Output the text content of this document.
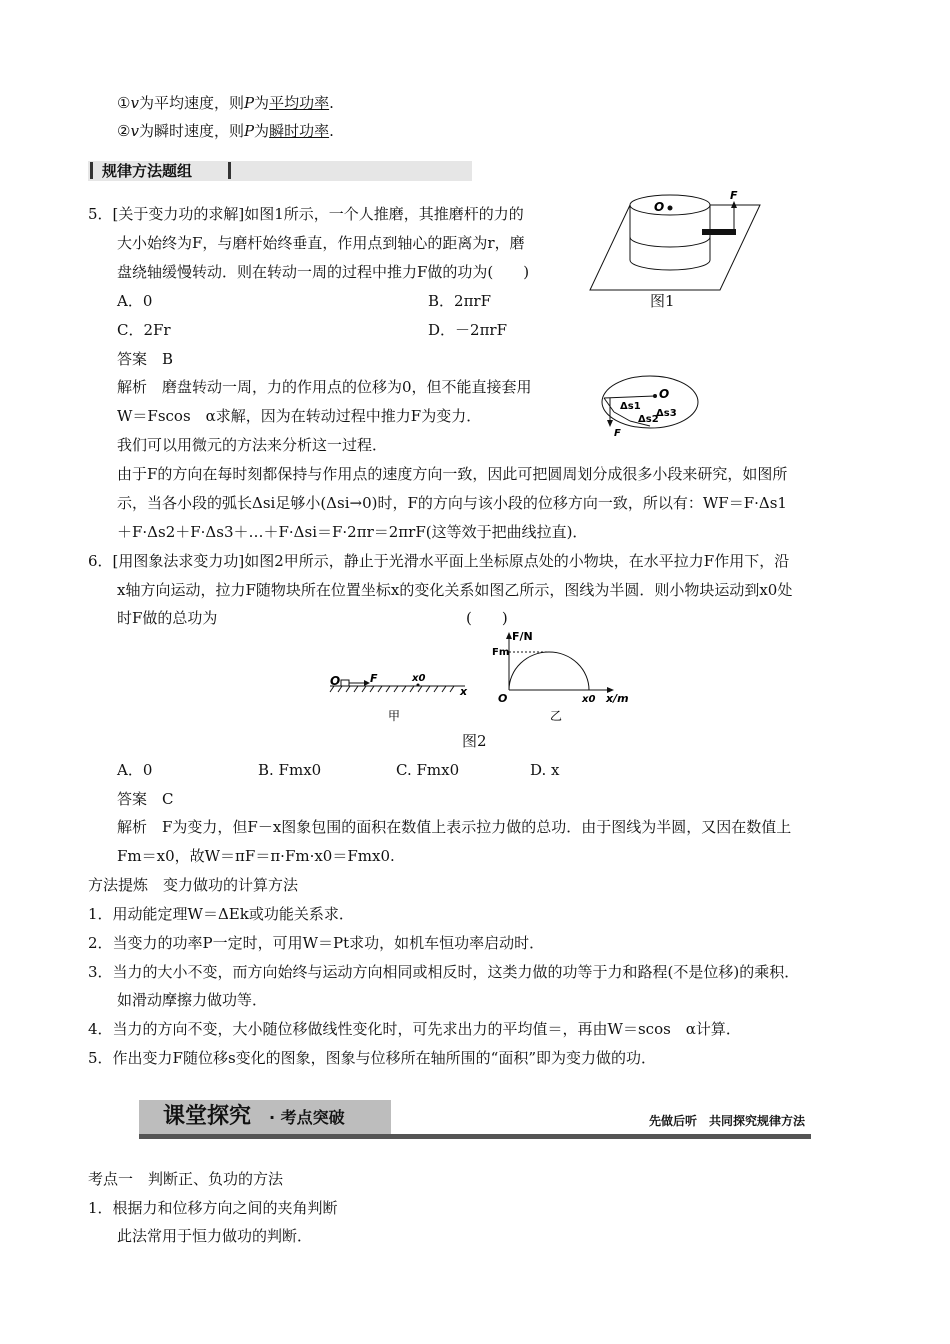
①v为平均速度，则P为平均功率.
②v为瞬时速度，则P为瞬时功率.
规律方法题组
5．[关于变力功的求解]如图1所示，一个人推磨，其推磨杆的力的
大小始终为F，与磨杆始终垂直，作用点到轴心的距离为r，磨
盘绕轴缓慢转动．则在转动一周的过程中推力F做的功为(　　)
A．0	B．2πrF
C．2Fr	D．－2πrF
答案　B
解析　磨盘转动一周，力的作用点的位移为0，但不能直接套用
W＝Fscos　α求解，因为在转动过程中推力F为变力．
我们可以用微元的方法来分析这一过程．
由于F的方向在每时刻都保持与作用点的速度方向一致，因此可把圆周划分成很多小段来研究，如图所
示，当各小段的弧长Δsi足够小(Δsi→0)时，F的方向与该小段的位移方向一致，所以有：WF＝F·Δs1
＋F·Δs2＋F·Δs3＋…＋F·Δsi＝F·2πr＝2πrF(这等效于把曲线拉直)．
O
F
图1
O
F
Δs1
Δs2
Δs3
6．[用图象法求变力功]如图2甲所示，静止于光滑水平面上坐标原点处的小物块，在水平拉力F作用下，沿
x轴方向运动，拉力F随物块所在位置坐标x的变化关系如图乙所示，图线为半圆．则小物块运动到x0处
时F做的总功为	(　　)
O	F	x0
x
甲
F/N
Fm
O	x0 x/m
乙
图2
A．0	B. Fmx0	C. Fmx0	D. x
答案　C
解析　F为变力，但F－x图象包围的面积在数值上表示拉力做的总功．由于图线为半圆，又因在数值上
Fm＝x0，故W＝πF＝π·Fm·x0＝Fmx0.
方法提炼　变力做功的计算方法
1．用动能定理W＝ΔEk或功能关系求．
2．当变力的功率P一定时，可用W＝Pt求功，如机车恒功率启动时．
3．当力的大小不变，而方向始终与运动方向相同或相反时，这类力做的功等于力和路程(不是位移)的乘积．
如滑动摩擦力做功等．
4．当力的方向不变，大小随位移做线性变化时，可先求出力的平均值＝，再由W＝scos　α计算．
5．作出变力F随位移s变化的图象，图象与位移所在轴所围的“面积”即为变力做的功．
课堂探究 · 考点突破	先做后听　共同探究规律方法
考点一　判断正、负功的方法
1．根据力和位移方向之间的夹角判断
此法常用于恒力做功的判断．
